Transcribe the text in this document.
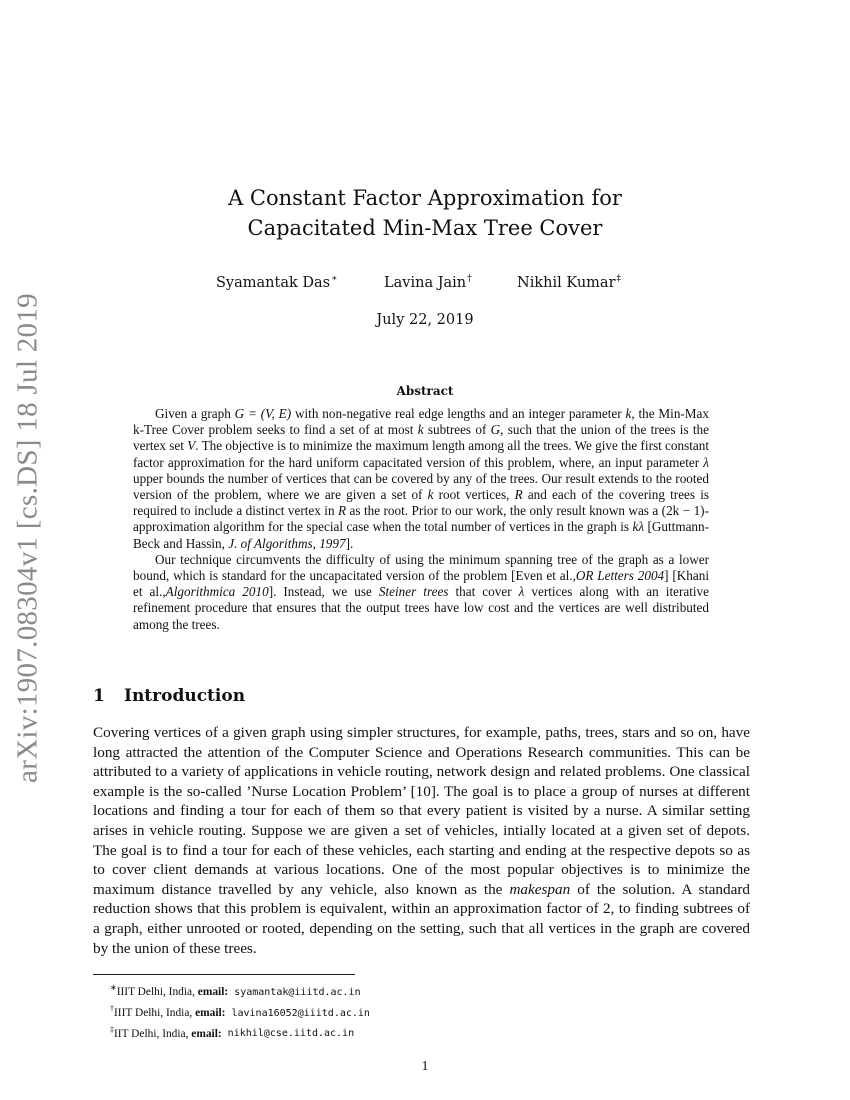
arXiv:1907.08304v1 [cs.DS] 18 Jul 2019
A Constant Factor Approximation for
Capacitated Min-Max Tree Cover
Syamantak Das∗	Lavina Jain†	Nikhil Kumar‡
July 22, 2019
Abstract

Given a graph G = (V, E) with non-negative real edge lengths and an integer parameter k, the Min-Max k-Tree Cover problem seeks to find a set of at most k subtrees of G, such that the union of the trees is the vertex set V. The objective is to minimize the maximum length among all the trees. We give the first constant factor approximation for the hard uniform capacitated version of this problem, where, an input parameter λ upper bounds the number of vertices that can be covered by any of the trees. Our result extends to the rooted version of the problem, where we are given a set of k root vertices, R and each of the covering trees is required to include a distinct vertex in R as the root. Prior to our work, the only result known was a (2k − 1)-approximation algorithm for the special case when the total number of vertices in the graph is kλ [Guttmann-Beck and Hassin, J. of Algorithms, 1997].

Our technique circumvents the difficulty of using the minimum spanning tree of the graph as a lower bound, which is standard for the uncapacitated version of the problem [Even et al.,OR Letters 2004] [Khani et al.,Algorithmica 2010]. Instead, we use Steiner trees that cover λ vertices along with an iterative refinement procedure that ensures that the output trees have low cost and the vertices are well distributed among the trees.

1 Introduction

Covering vertices of a given graph using simpler structures, for example, paths, trees, stars and so on, have long attracted the attention of the Computer Science and Operations Research communities. This can be attributed to a variety of applications in vehicle routing, network design and related problems. One classical example is the so-called ’Nurse Location Problem’ [10]. The goal is to place a group of nurses at different locations and finding a tour for each of them so that every patient is visited by a nurse. A similar setting arises in vehicle routing. Suppose we are given a set of vehicles, intially located at a given set of depots. The goal is to find a tour for each of these vehicles, each starting and ending at the respective depots so as to cover client demands at various locations. One of the most popular objectives is to minimize the maximum distance travelled by any vehicle, also known as the makespan of the solution. A standard reduction shows that this problem is equivalent, within an approximation factor of 2, to finding subtrees of a graph, either unrooted or rooted, depending on the setting, such that all vertices in the graph are covered by the union of these trees.

∗IIIT Delhi, India, email: syamantak@iiitd.ac.in
†IIIT Delhi, India, email: lavina16052@iiitd.ac.in
‡IIT Delhi, India, email: nikhil@cse.iitd.ac.in
1
